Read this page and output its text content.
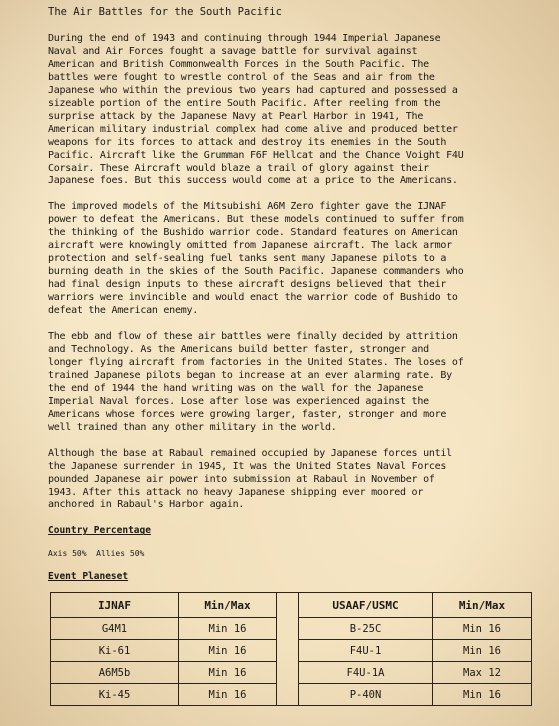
The Air Battles for the South Pacific

During the end of 1943 and continuing through 1944 Imperial Japanese
Naval and Air Forces fought a savage battle for survival against
American and British Commonwealth Forces in the South Pacific. The
battles were fought to wrestle control of the Seas and air from the
Japanese who within the previous two years had captured and possessed a
sizeable portion of the entire South Pacific. After reeling from the
surprise attack by the Japanese Navy at Pearl Harbor in 1941, The
American military industrial complex had come alive and produced better
weapons for its forces to attack and destroy its enemies in the South
Pacific. Aircraft like the Grumman F6F Hellcat and the Chance Voight F4U
Corsair. These Aircraft would blaze a trail of glory against their
Japanese foes. But this success would come at a price to the Americans.

The improved models of the Mitsubishi A6M Zero fighter gave the IJNAF
power to defeat the Americans. But these models continued to suffer from
the thinking of the Bushido warrior code. Standard features on American
aircraft were knowingly omitted from Japanese aircraft. The lack armor
protection and self-sealing fuel tanks sent many Japanese pilots to a
burning death in the skies of the South Pacific. Japanese commanders who
had final design inputs to these aircraft designs believed that their
warriors were invincible and would enact the warrior code of Bushido to
defeat the American enemy.

The ebb and flow of these air battles were finally decided by attrition
and Technology. As the Americans build better faster, stronger and
longer flying aircraft from factories in the United States. The loses of
trained Japanese pilots began to increase at an ever alarming rate. By
the end of 1944 the hand writing was on the wall for the Japanese
Imperial Naval forces. Lose after lose was experienced against the
Americans whose forces were growing larger, faster, stronger and more
well trained than any other military in the world.

Although the base at Rabaul remained occupied by Japanese forces until
the Japanese surrender in 1945, It was the United States Naval Forces
pounded Japanese air power into submission at Rabaul in November of
1943. After this attack no heavy Japanese shipping ever moored or
anchored in Rabaul's Harbor again.

Country Percentage
Axis 50%  Allies 50%
Event Planeset
IJNAF	Min/Max		USAAF/USMC	Min/Max
G4M1	Min 16		B-25C	Min 16
Ki-61	Min 16		F4U-1	Min 16
A6M5b	Min 16		F4U-1A	Max 12
Ki-45	Min 16		P-40N	Min 16
